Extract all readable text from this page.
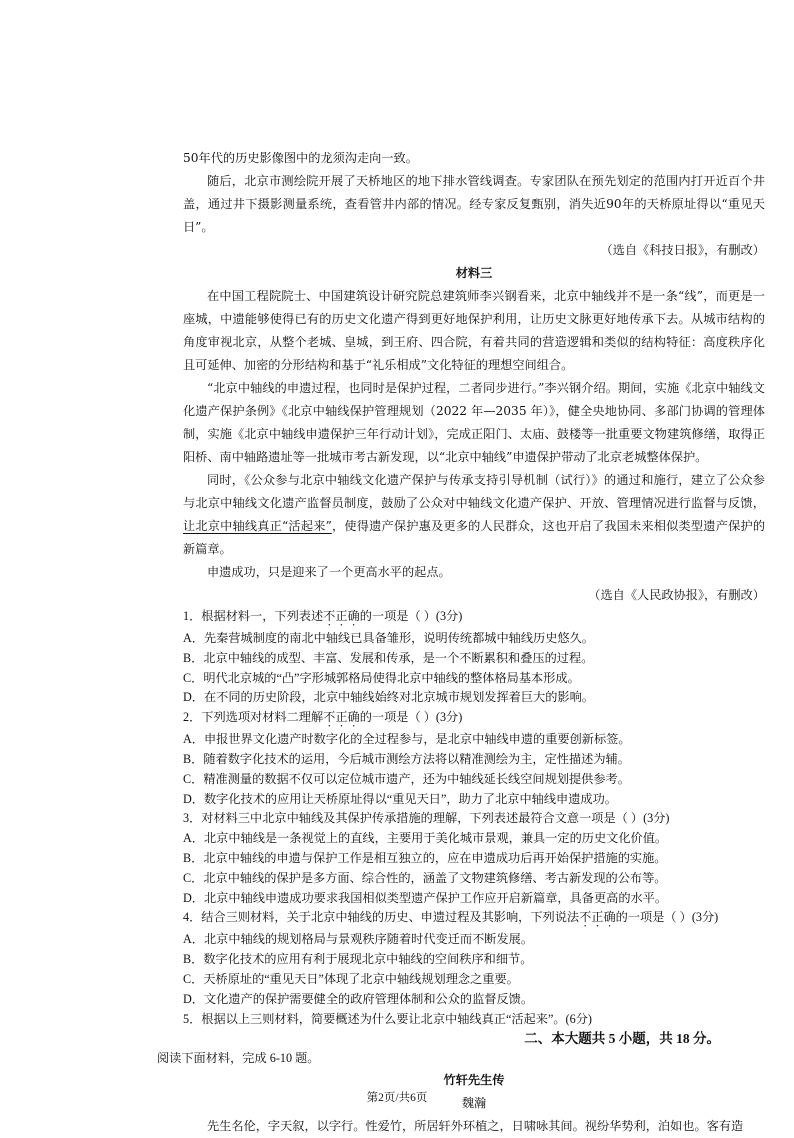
50年代的历史影像图中的龙须沟走向一致。

随后，北京市测绘院开展了天桥地区的地下排水管线调查。专家团队在预先划定的范围内打开近百个井盖，通过井下摄影测量系统，查看管井内部的情况。经专家反复甄别，消失近90年的天桥原址得以“重见天日”。

（选自《科技日报》，有删改）

材料三

在中国工程院院士、中国建筑设计研究院总建筑师李兴钢看来，北京中轴线并不是一条“线”，而更是一座城，中遗能够使得已有的历史文化遗产得到更好地保护利用，让历史文脉更好地传承下去。从城市结构的角度审视北京，从整个老城、皇城，到王府、四合院，有着共同的营造逻辑和类似的结构特征：高度秩序化且可延伸、加密的分形结构和基于“礼乐相成”文化特征的理想空间组合。

“北京中轴线的申遗过程，也同时是保护过程，二者同步进行。”李兴钢介绍。期间，实施《北京中轴线文化遗产保护条例》《北京中轴线保护管理规划（2022 年—2035 年）》，健全央地协同、多部门协调的管理体制，实施《北京中轴线申遗保护三年行动计划》，完成正阳门、太庙、鼓楼等一批重要文物建筑修缮，取得正阳桥、南中轴路遗址等一批城市考古新发现，以“北京中轴线”申遗保护带动了北京老城整体保护。

同时，《公众参与北京中轴线文化遗产保护与传承支持引导机制（试行）》的通过和施行，建立了公众参与北京中轴线文化遗产监督员制度，鼓励了公众对中轴线文化遗产保护、开放、管理情况进行监督与反馈，让北京中轴线真正“活起来”，使得遗产保护惠及更多的人民群众，这也开启了我国未来相似类型遗产保护的新篇章。

申遗成功，只是迎来了一个更高水平的起点。

（选自《人民政协报》，有删改）

1．根据材料一，下列表述不正确的一项是（ ）(3分)

A．先秦营城制度的南北中轴线已具备雏形，说明传统都城中轴线历史悠久。

B．北京中轴线的成型、丰富、发展和传承，是一个不断累积和叠压的过程。

C．明代北京城的“凸”字形城郭格局使得北京中轴线的整体格局基本形成。

D．在不同的历史阶段，北京中轴线始终对北京城市规划发挥着巨大的影响。

2．下列选项对材料二理解不正确的一项是（ ）(3分)

A．申报世界文化遗产时数字化的全过程参与，是北京中轴线申遗的重要创新标签。

B．随着数字化技术的运用，今后城市测绘方法将以精准测绘为主，定性描述为辅。

C．精准测量的数据不仅可以定位城市遗产，还为中轴线延长线空间规划提供参考。

D．数字化技术的应用让天桥原址得以“重见天日”，助力了北京中轴线申遗成功。

3．对材料三中北京中轴线及其保护传承措施的理解，下列表述最符合文意一项是（ ）(3分)

A．北京中轴线是一条视觉上的直线，主要用于美化城市景观，兼具一定的历史文化价值。

B．北京中轴线的申遗与保护工作是相互独立的，应在申遗成功后再开始保护措施的实施。

C．北京中轴线的保护是多方面、综合性的，涵盖了文物建筑修缮、考古新发现的公布等。

D．北京中轴线申遗成功要求我国相似类型遗产保护工作应开启新篇章，具备更高的水平。

4．结合三则材料，关于北京中轴线的历史、申遗过程及其影响，下列说法不正确的一项是（ ）(3分)

A．北京中轴线的规划格局与景观秩序随着时代变迁而不断发展。

B．数字化技术的应用有利于展现北京中轴线的空间秩序和细节。

C．天桥原址的“重见天日”体现了北京中轴线规划理念之重要。

D．文化遗产的保护需要健全的政府管理体制和公众的监督反馈。

5．根据以上三则材料，简要概述为什么要让北京中轴线真正“活起来”。(6分)

二、本大题共 5 小题，共 18 分。

阅读下面材料，完成 6-10 题。

竹轩先生传

魏瀚

先生名伦，字天叙，以字行。性爱竹，所居轩外环植之，日啸咏其间。视纷华势利，泊如也。客有造

第2页/共6页
